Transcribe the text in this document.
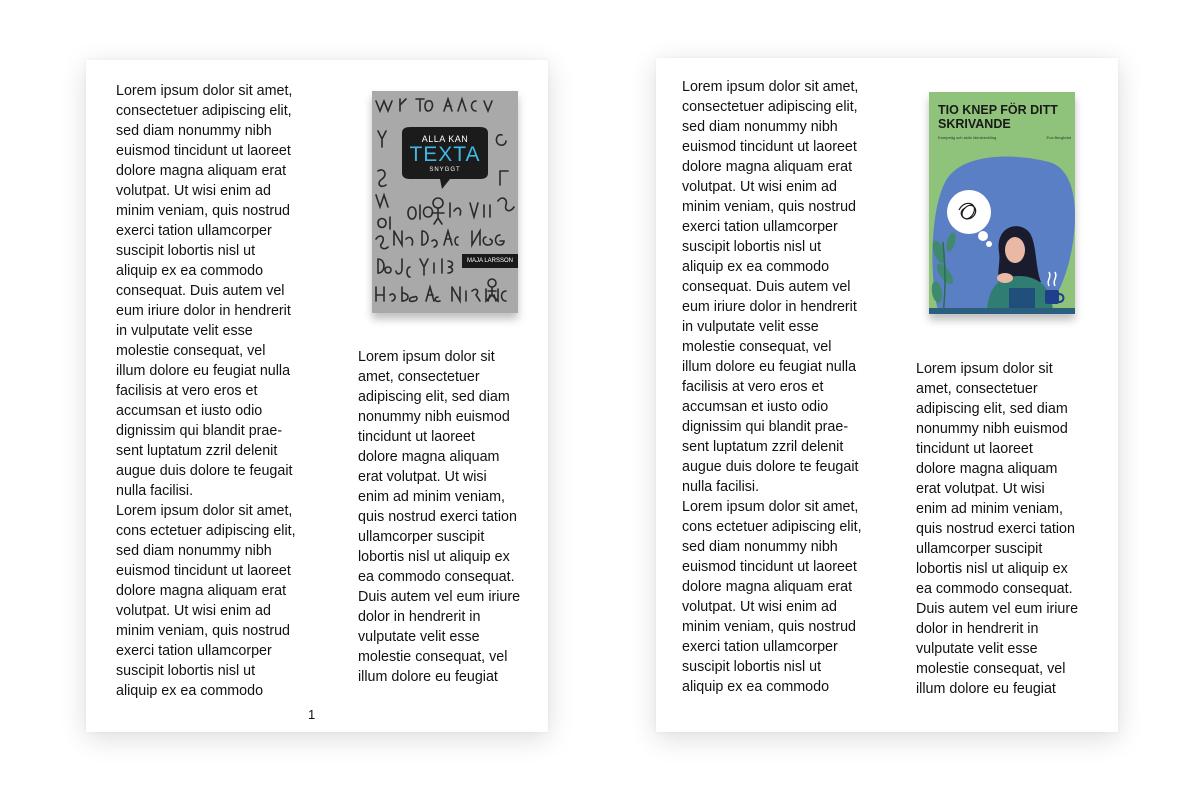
Lorem ipsum dolor sit amet,
consectetuer adipiscing elit,
sed diam nonummy nibh
euismod tincidunt ut laoreet
dolore magna aliquam erat
volutpat. Ut wisi enim ad
minim veniam, quis nostrud
exerci tation ullamcorper
suscipit lobortis nisl ut
aliquip ex ea commodo
consequat. Duis autem vel
eum iriure dolor in hendrerit
in vulputate velit esse
molestie consequat, vel
illum dolore eu feugiat nulla
facilisis at vero eros et
accumsan et iusto odio
dignissim qui blandit prae-
sent luptatum zzril delenit
augue duis dolore te feugait
nulla facilisi.
Lorem ipsum dolor sit amet,
cons ectetuer adipiscing elit,
sed diam nonummy nibh
euismod tincidunt ut laoreet
dolore magna aliquam erat
volutpat. Ut wisi enim ad
minim veniam, quis nostrud
exerci tation ullamcorper
suscipit lobortis nisl ut
aliquip ex ea commodo
ALLA KAN
TEXTA
SNYGGT
MAJA LARSSON
Lorem ipsum dolor sit
amet, consectetuer
adipiscing elit, sed diam
nonummy nibh euismod
tincidunt ut laoreet
dolore magna aliquam
erat volutpat. Ut wisi
enim ad minim veniam,
quis nostrud exerci tation
ullamcorper suscipit
lobortis nisl ut aliquip ex
ea commodo consequat.
Duis autem vel eum iriure
dolor in hendrerit in
vulputate velit esse
molestie consequat, vel
illum dolore eu feugiat
1
Lorem ipsum dolor sit amet,
consectetuer adipiscing elit,
sed diam nonummy nibh
euismod tincidunt ut laoreet
dolore magna aliquam erat
volutpat. Ut wisi enim ad
minim veniam, quis nostrud
exerci tation ullamcorper
suscipit lobortis nisl ut
aliquip ex ea commodo
consequat. Duis autem vel
eum iriure dolor in hendrerit
in vulputate velit esse
molestie consequat, vel
illum dolore eu feugiat nulla
facilisis at vero eros et
accumsan et iusto odio
dignissim qui blandit prae-
sent luptatum zzril delenit
augue duis dolore te feugait
nulla facilisi.
Lorem ipsum dolor sit amet,
cons ectetuer adipiscing elit,
sed diam nonummy nibh
euismod tincidunt ut laoreet
dolore magna aliquam erat
volutpat. Ut wisi enim ad
minim veniam, quis nostrud
exerci tation ullamcorper
suscipit lobortis nisl ut
aliquip ex ea commodo
TIO KNEP FÖR DITT SKRIVANDE
Kompetig och skön idéutveckling	Eva Bergkvist
Lorem ipsum dolor sit
amet, consectetuer
adipiscing elit, sed diam
nonummy nibh euismod
tincidunt ut laoreet
dolore magna aliquam
erat volutpat. Ut wisi
enim ad minim veniam,
quis nostrud exerci tation
ullamcorper suscipit
lobortis nisl ut aliquip ex
ea commodo consequat.
Duis autem vel eum iriure
dolor in hendrerit in
vulputate velit esse
molestie consequat, vel
illum dolore eu feugiat
